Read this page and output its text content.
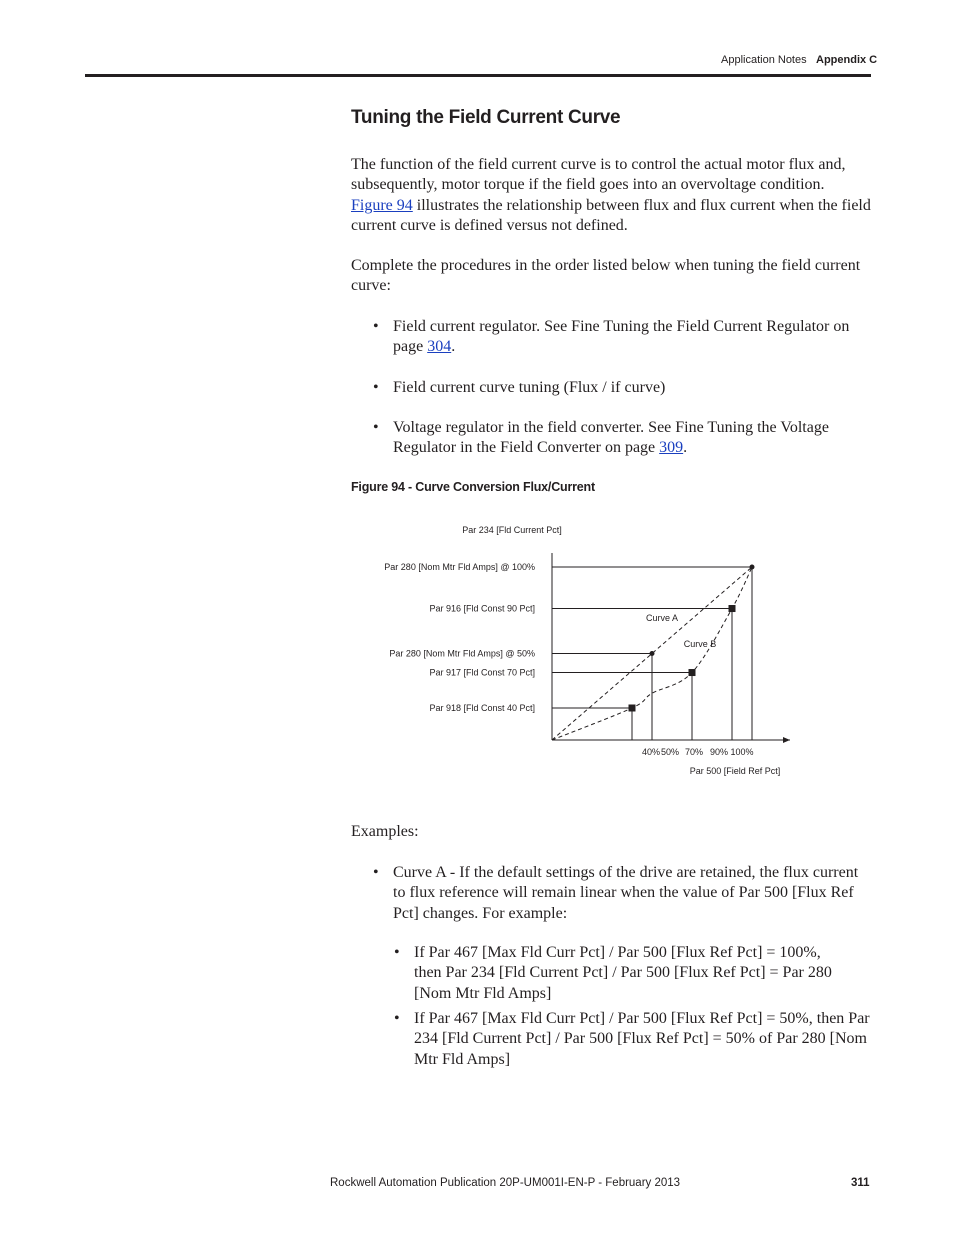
Application Notes Appendix C
Tuning the Field Current Curve
The function of the field current curve is to control the actual motor flux and,
subsequently, motor torque if the field goes into an overvoltage condition.
Figure 94 illustrates the relationship between flux and flux current when the field
current curve is defined versus not defined.
Complete the procedures in the order listed below when tuning the field current
curve:
• Field current regulator. See Fine Tuning the Field Current Regulator on
page 304.
• Field current curve tuning (Flux / if curve)
• Voltage regulator in the field converter. See Fine Tuning the Voltage
Regulator in the Field Converter on page 309.
Figure 94 - Curve Conversion Flux/Current
Par 280 [Nom Mtr Fld Amps] @ 100%
Par 916 [Fld Const 90 Pct]
Par 280 [Nom Mtr Fld Amps] @ 50%
Par 917 [Fld Const 70 Pct]
Par 918 [Fld Const 40 Pct]
Curve A
Curve B
Par 234 [Fld Current Pct]
Par 500 [Field Ref Pct]
40% 50% 70% 90% 100%
Examples:
• Curve A - If the default settings of the drive are retained, the flux current
to flux reference will remain linear when the value of Par 500 [Flux Ref
Pct] changes. For example:
• If Par 467 [Max Fld Curr Pct] / Par 500 [Flux Ref Pct] = 100%,
then Par 234 [Fld Current Pct] / Par 500 [Flux Ref Pct] = Par 280
[Nom Mtr Fld Amps]
• If Par 467 [Max Fld Curr Pct] / Par 500 [Flux Ref Pct] = 50%, then Par
234 [Fld Current Pct] / Par 500 [Flux Ref Pct] = 50% of Par 280 [Nom
Mtr Fld Amps]
Rockwell Automation Publication 20P-UM001I-EN-P - February 2013	311
